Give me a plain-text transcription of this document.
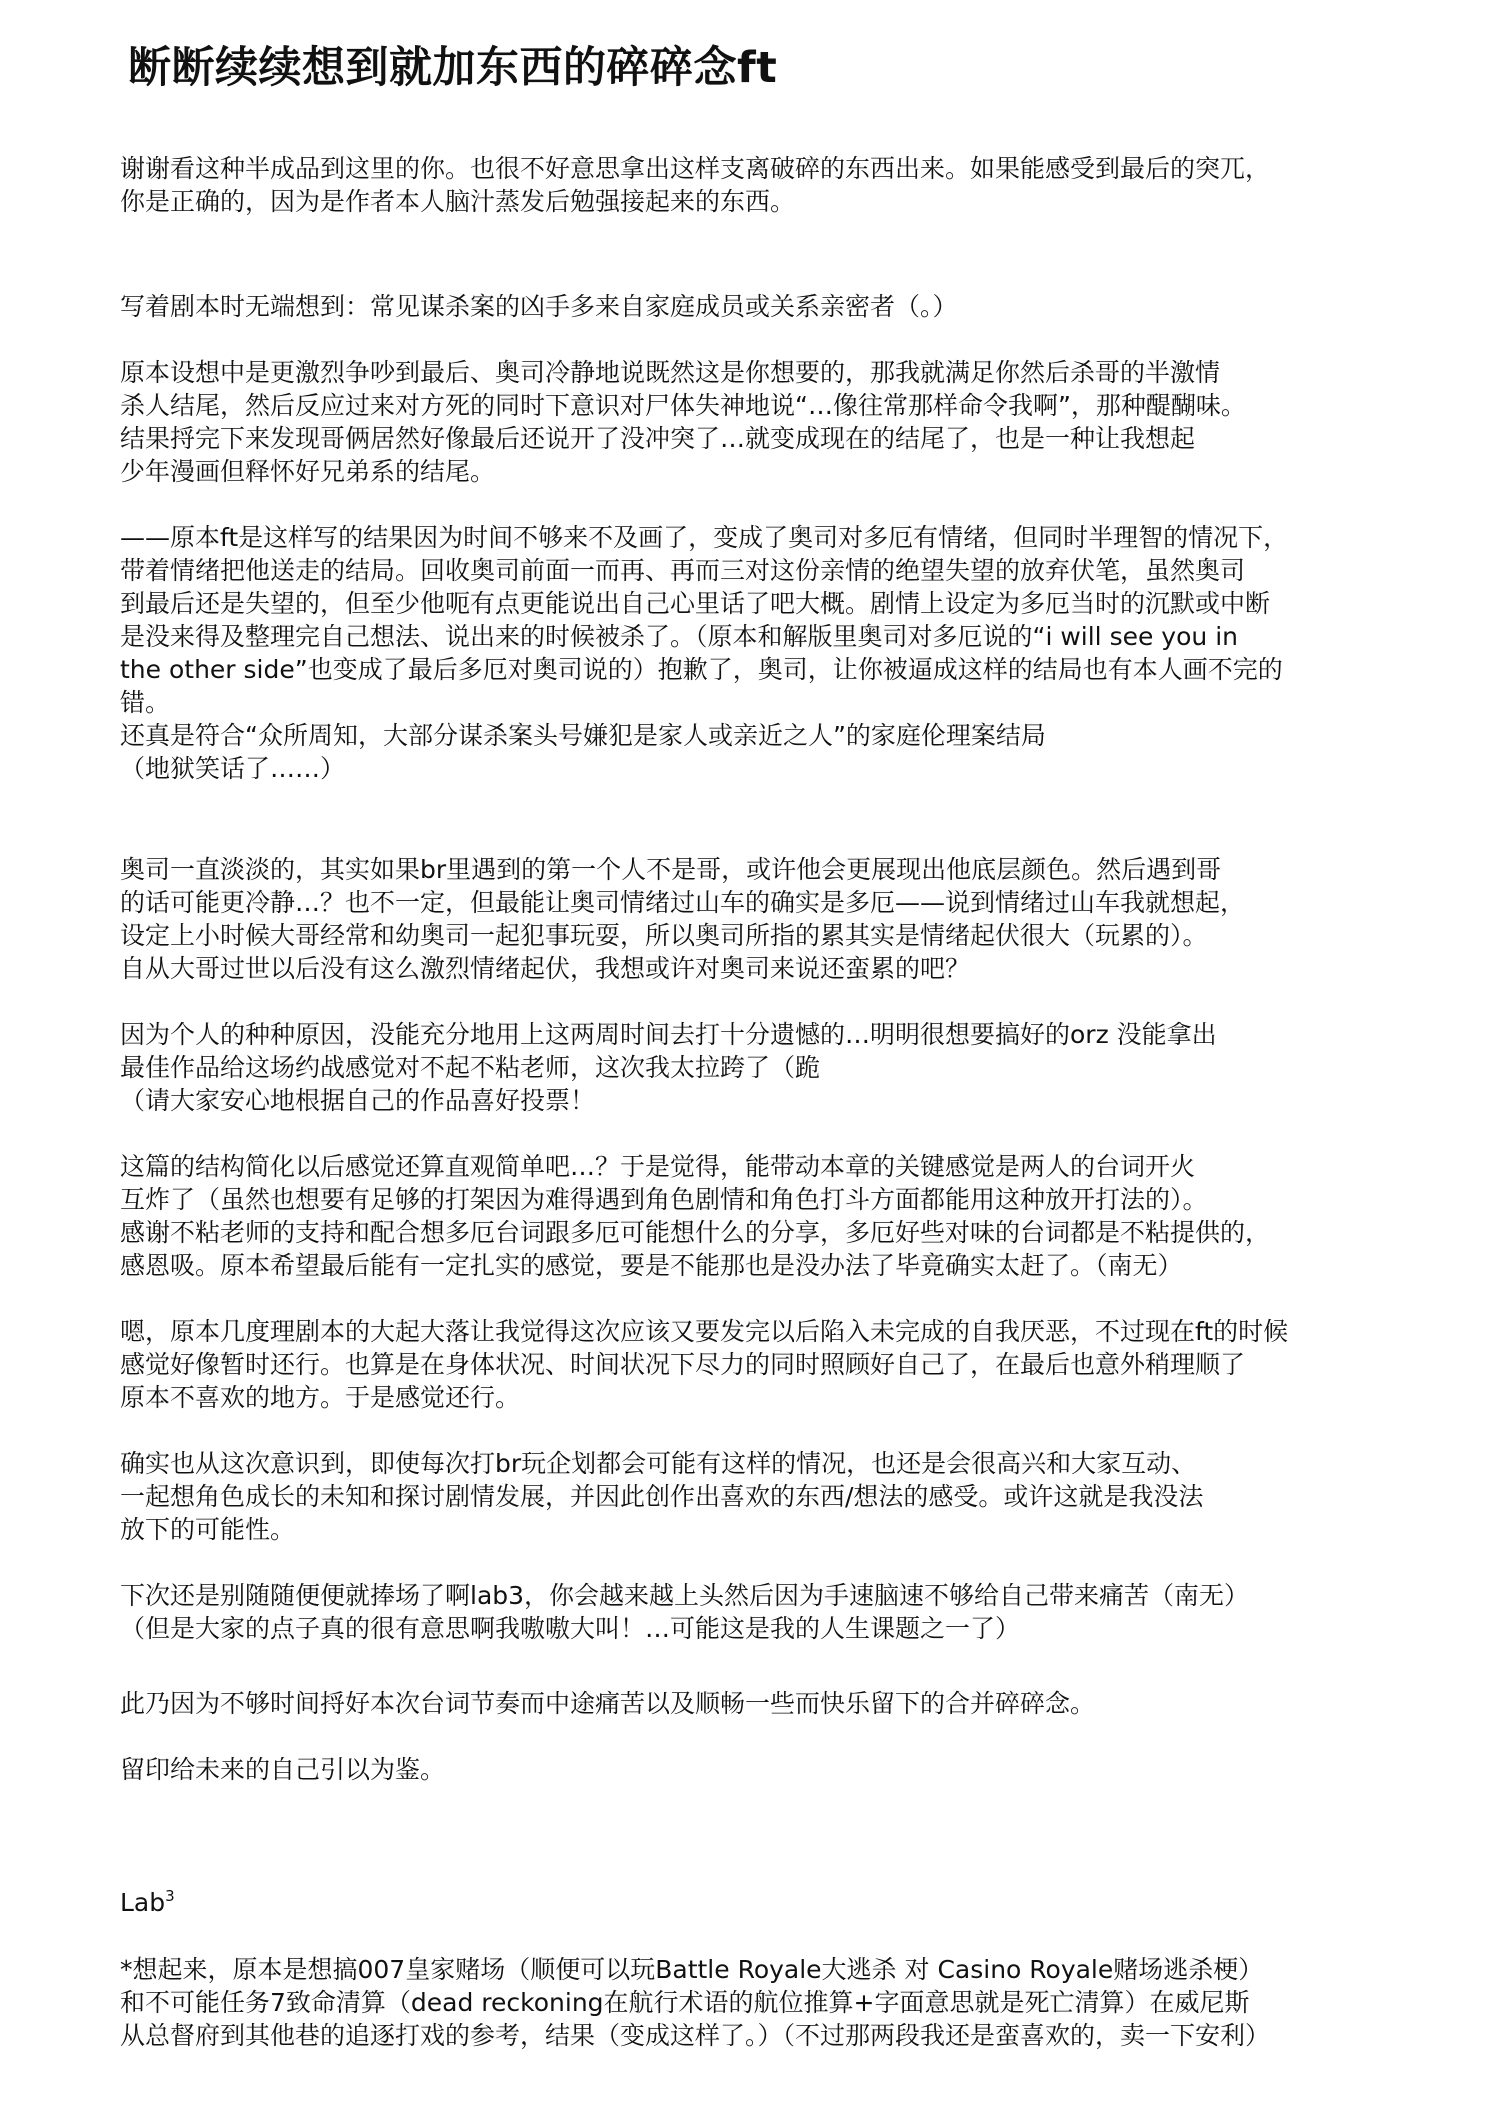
断断续续想到就加东西的碎碎念ft

谢谢看这种半成品到这里的你。也很不好意思拿出这样支离破碎的东西出来。如果能感受到最后的突兀，

你是正确的，因为是作者本人脑汁蒸发后勉强接起来的东西。

写着剧本时无端想到：常见谋杀案的凶手多来自家庭成员或关系亲密者（。）

原本设想中是更激烈争吵到最后、奥司冷静地说既然这是你想要的，那我就满足你然后杀哥的半激情

杀人结尾，然后反应过来对方死的同时下意识对尸体失神地说“…像往常那样命令我啊”，那种醍醐味。

结果捋完下来发现哥俩居然好像最后还说开了没冲突了…就变成现在的结尾了，也是一种让我想起

少年漫画但释怀好兄弟系的结尾。

——原本ft是这样写的结果因为时间不够来不及画了，变成了奥司对多厄有情绪，但同时半理智的情况下，

带着情绪把他送走的结局。回收奥司前面一而再、再而三对这份亲情的绝望失望的放弃伏笔，虽然奥司

到最后还是失望的，但至少他呃有点更能说出自己心里话了吧大概。剧情上设定为多厄当时的沉默或中断

是没来得及整理完自己想法、说出来的时候被杀了。（原本和解版里奥司对多厄说的“i will see you in

the other side”也变成了最后多厄对奥司说的）抱歉了，奥司，让你被逼成这样的结局也有本人画不完的

错。

还真是符合“众所周知，大部分谋杀案头号嫌犯是家人或亲近之人”的家庭伦理案结局

（地狱笑话了……）

奥司一直淡淡的，其实如果br里遇到的第一个人不是哥，或许他会更展现出他底层颜色。然后遇到哥

的话可能更冷静…？也不一定，但最能让奥司情绪过山车的确实是多厄——说到情绪过山车我就想起，

设定上小时候大哥经常和幼奥司一起犯事玩耍，所以奥司所指的累其实是情绪起伏很大（玩累的）。

自从大哥过世以后没有这么激烈情绪起伏，我想或许对奥司来说还蛮累的吧？

因为个人的种种原因，没能充分地用上这两周时间去打十分遗憾的…明明很想要搞好的orz 没能拿出

最佳作品给这场约战感觉对不起不粘老师，这次我太拉跨了（跪

（请大家安心地根据自己的作品喜好投票！

这篇的结构简化以后感觉还算直观简单吧…？于是觉得，能带动本章的关键感觉是两人的台词开火

互炸了（虽然也想要有足够的打架因为难得遇到角色剧情和角色打斗方面都能用这种放开打法的）。

感谢不粘老师的支持和配合想多厄台词跟多厄可能想什么的分享，多厄好些对味的台词都是不粘提供的，

感恩吸。原本希望最后能有一定扎实的感觉，要是不能那也是没办法了毕竟确实太赶了。（南无）

嗯，原本几度理剧本的大起大落让我觉得这次应该又要发完以后陷入未完成的自我厌恶，不过现在ft的时候

感觉好像暂时还行。也算是在身体状况、时间状况下尽力的同时照顾好自己了，在最后也意外稍理顺了

原本不喜欢的地方。于是感觉还行。

确实也从这次意识到，即使每次打br玩企划都会可能有这样的情况，也还是会很高兴和大家互动、

一起想角色成长的未知和探讨剧情发展，并因此创作出喜欢的东西/想法的感受。或许这就是我没法

放下的可能性。

下次还是别随随便便就捧场了啊lab3，你会越来越上头然后因为手速脑速不够给自己带来痛苦（南无）

（但是大家的点子真的很有意思啊我嗷嗷大叫！…可能这是我的人生课题之一了）

此乃因为不够时间捋好本次台词节奏而中途痛苦以及顺畅一些而快乐留下的合并碎碎念。

留印给未来的自己引以为鉴。

Lab$^3$

*想起来，原本是想搞007皇家赌场（顺便可以玩Battle Royale大逃杀 对 Casino Royale赌场逃杀梗）

和不可能任务7致命清算（dead reckoning在航行术语的航位推算+字面意思就是死亡清算）在威尼斯

从总督府到其他巷的追逐打戏的参考，结果（变成这样了。）（不过那两段我还是蛮喜欢的，卖一下安利）
